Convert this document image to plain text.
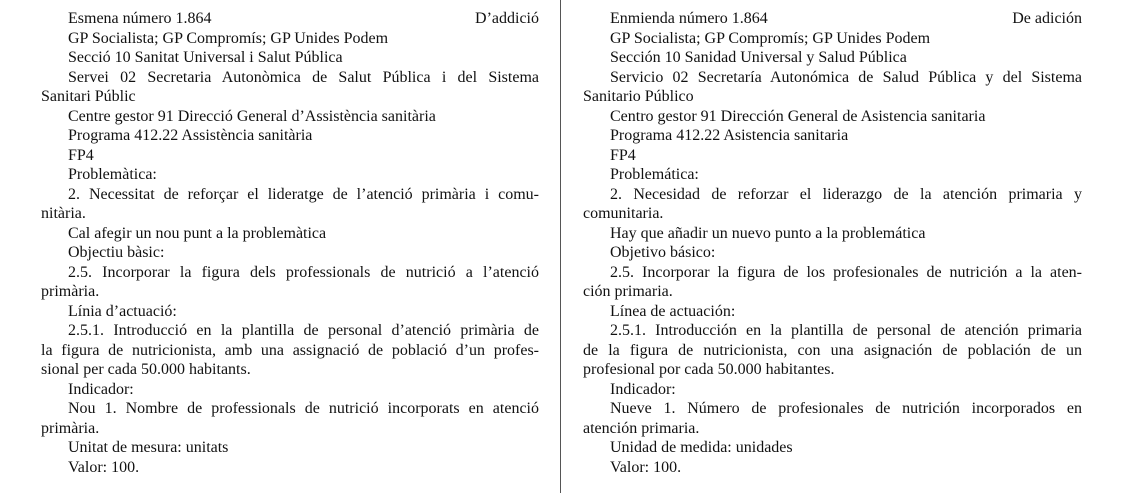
Esmena número 1.864	D’addició
GP Socialista; GP Compromís; GP Unides Podem
Secció 10 Sanitat Universal i Salut Pública
Servei 02 Secretaria Autonòmica de Salut Pública i del Sistema
Sanitari Públic
Centre gestor 91 Direcció General d’Assistència sanitària
Programa 412.22 Assistència sanitària
FP4
Problemàtica:
2. Necessitat de reforçar el lideratge de l’atenció primària i comu-
nitària.
Cal afegir un nou punt a la problemàtica
Objectiu bàsic:
2.5. Incorporar la figura dels professionals de nutrició a l’atenció
primària.
Línia d’actuació:
2.5.1. Introducció en la plantilla de personal d’atenció primària de
la figura de nutricionista, amb una assignació de població d’un profes-
sional per cada 50.000 habitants.
Indicador:
Nou 1. Nombre de professionals de nutrició incorporats en atenció
primària.
Unitat de mesura: unitats
Valor: 100.
Enmienda número 1.864	De adición
GP Socialista; GP Compromís; GP Unides Podem
Sección 10 Sanidad Universal y Salud Pública
Servicio 02 Secretaría Autonómica de Salud Pública y del Sistema
Sanitario Público
Centro gestor 91 Dirección General de Asistencia sanitaria
Programa 412.22 Asistencia sanitaria
FP4
Problemática:
2. Necesidad de reforzar el liderazgo de la atención primaria y
comunitaria.
Hay que añadir un nuevo punto a la problemática
Objetivo básico:
2.5. Incorporar la figura de los profesionales de nutrición a la aten-
ción primaria.
Línea de actuación:
2.5.1. Introducción en la plantilla de personal de atención primaria
de la figura de nutricionista, con una asignación de población de un
profesional por cada 50.000 habitantes.
Indicador:
Nueve 1. Número de profesionales de nutrición incorporados en
atención primaria.
Unidad de medida: unidades
Valor: 100.
